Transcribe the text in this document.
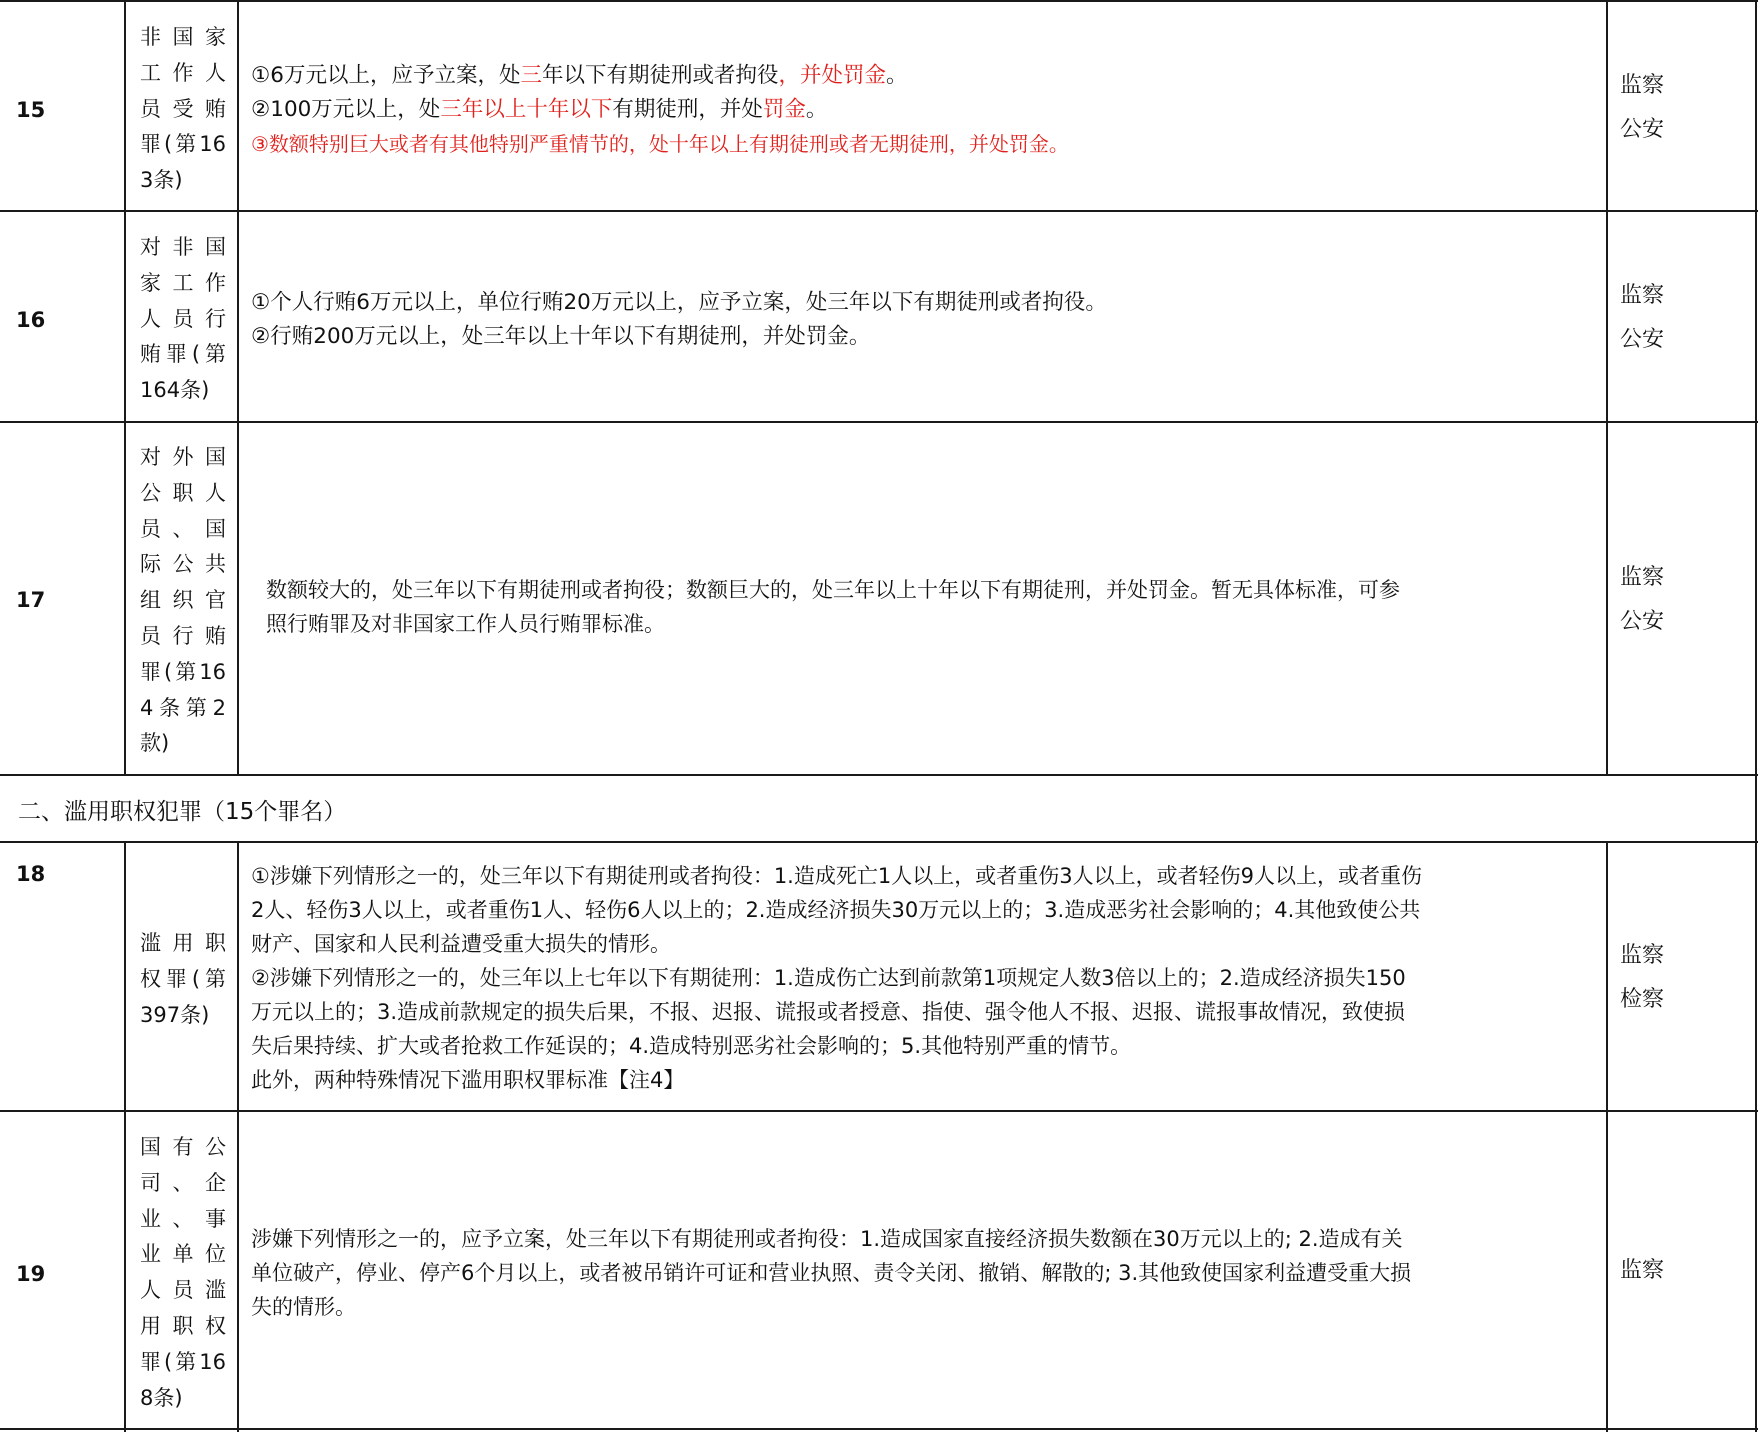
15
非国家
工作人
员受贿
罪(第16
3条)
①6万元以上，应予立案，处三年以下有期徒刑或者拘役，并处罚金。
②100万元以上，处三年以上十年以下有期徒刑，并处罚金。
③数额特别巨大或者有其他特别严重情节的，处十年以上有期徒刑或者无期徒刑，并处罚金。
监察
公安
16
对非国
家工作
人员行
贿罪(第
164条)
①个人行贿6万元以上，单位行贿20万元以上，应予立案，处三年以下有期徒刑或者拘役。
②行贿200万元以上，处三年以上十年以下有期徒刑，并处罚金。
监察
公安
17
对外国
公职人
员、国
际公共
组织官
员行贿
罪(第16
4条第2
款)
数额较大的，处三年以下有期徒刑或者拘役；数额巨大的，处三年以上十年以下有期徒刑，并处罚金。暂无具体标准，可参
照行贿罪及对非国家工作人员行贿罪标准。
监察
公安
二、滥用职权犯罪（15个罪名）
18
滥用职
权罪(第
397条)
①涉嫌下列情形之一的，处三年以下有期徒刑或者拘役：1.造成死亡1人以上，或者重伤3人以上，或者轻伤9人以上，或者重伤
2人、轻伤3人以上，或者重伤1人、轻伤6人以上的；2.造成经济损失30万元以上的；3.造成恶劣社会影响的；4.其他致使公共
财产、国家和人民利益遭受重大损失的情形。
②涉嫌下列情形之一的，处三年以上七年以下有期徒刑：1.造成伤亡达到前款第1项规定人数3倍以上的；2.造成经济损失150
万元以上的；3.造成前款规定的损失后果，不报、迟报、谎报或者授意、指使、强令他人不报、迟报、谎报事故情况，致使损
失后果持续、扩大或者抢救工作延误的；4.造成特别恶劣社会影响的；5.其他特别严重的情节。
此外，两种特殊情况下滥用职权罪标准【注4】
监察
检察
19
国有公
司、企
业、事
业单位
人员滥
用职权
罪(第16
8条)
涉嫌下列情形之一的，应予立案，处三年以下有期徒刑或者拘役：1.造成国家直接经济损失数额在30万元以上的; 2.造成有关
单位破产，停业、停产6个月以上，或者被吊销许可证和营业执照、责令关闭、撤销、解散的; 3.其他致使国家利益遭受重大损
失的情形。
监察
